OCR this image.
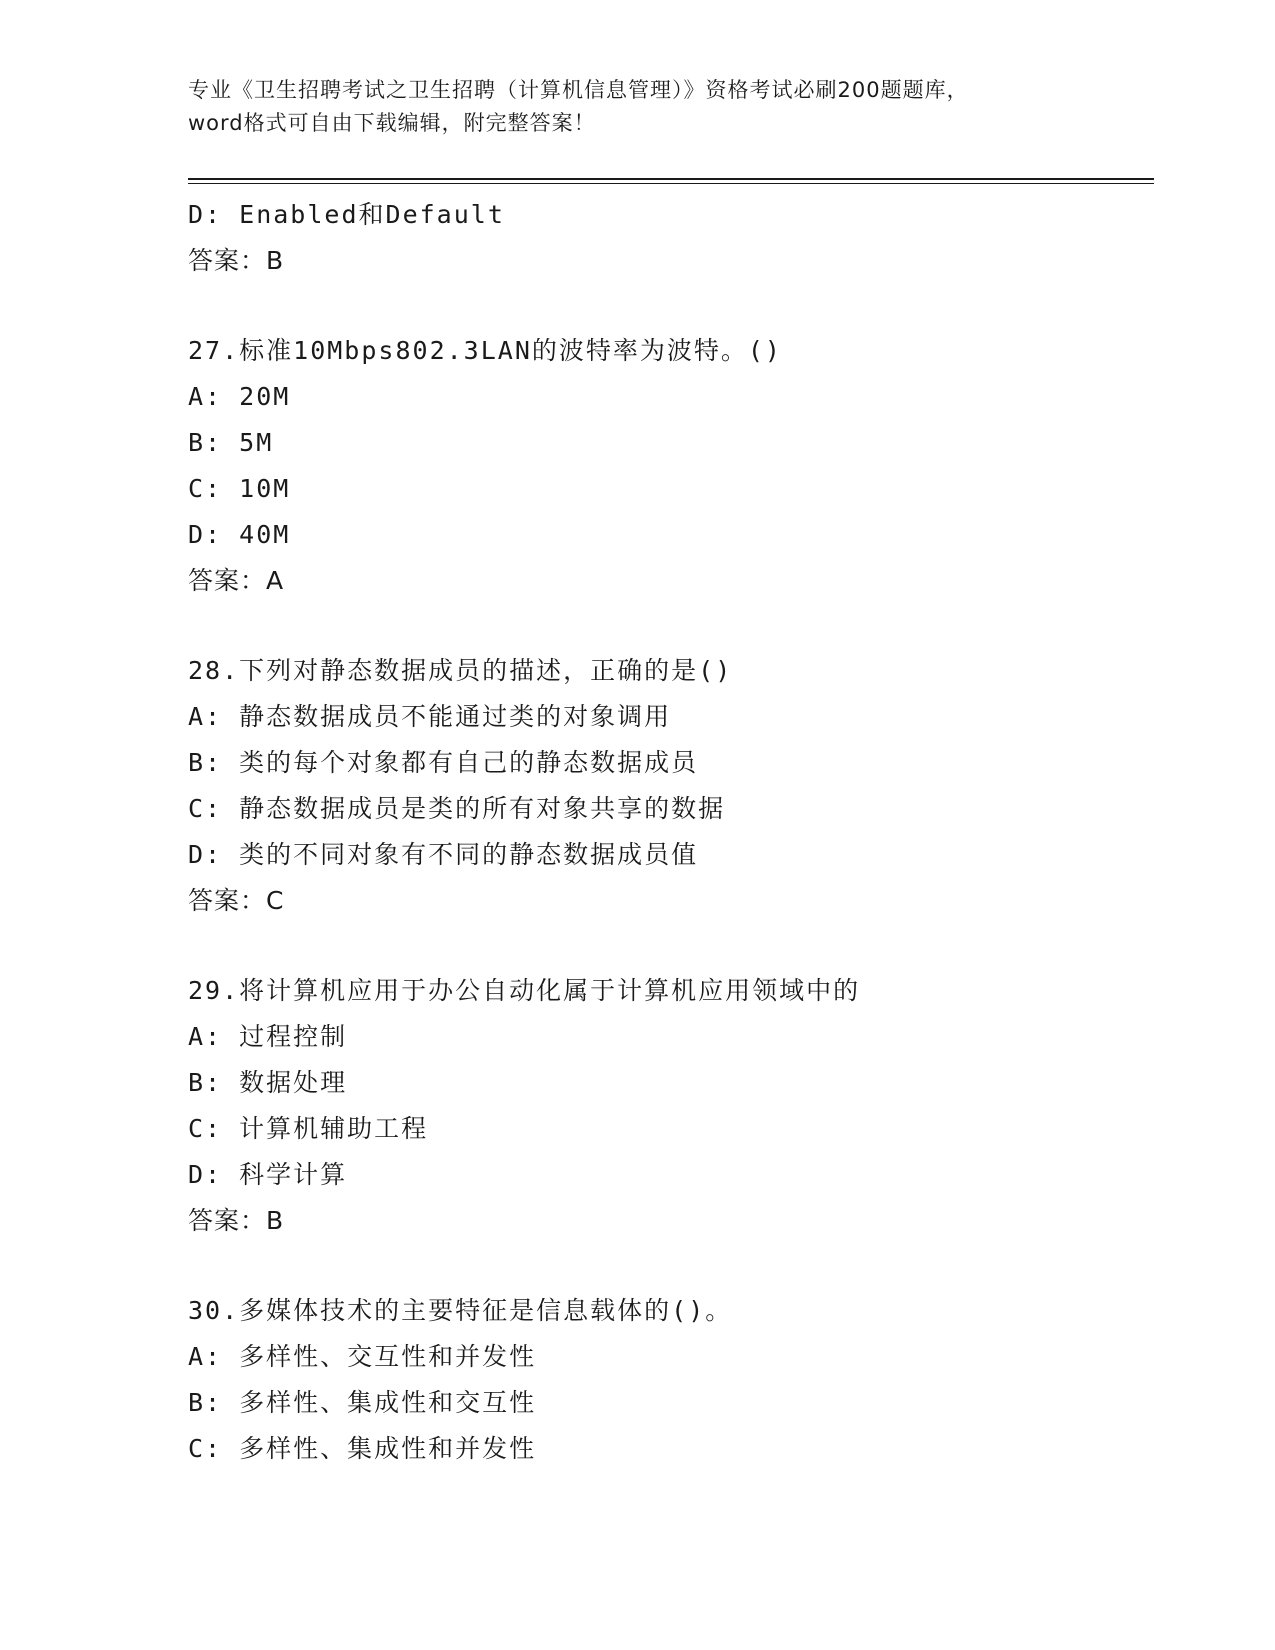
专业《卫生招聘考试之卫生招聘（计算机信息管理）》资格考试必刷200题题库，

word格式可自由下载编辑，附完整答案！

D: Enabled和Default
答案：B
27.标准10Mbps802.3LAN的波特率为波特。()
A: 20M
B: 5M
C: 10M
D: 40M
答案：A
28.下列对静态数据成员的描述，正确的是()
A: 静态数据成员不能通过类的对象调用
B: 类的每个对象都有自己的静态数据成员
C: 静态数据成员是类的所有对象共享的数据
D: 类的不同对象有不同的静态数据成员值
答案：C
29.将计算机应用于办公自动化属于计算机应用领域中的
A: 过程控制
B: 数据处理
C: 计算机辅助工程
D: 科学计算
答案：B
30.多媒体技术的主要特征是信息载体的()。
A: 多样性、交互性和并发性
B: 多样性、集成性和交互性
C: 多样性、集成性和并发性
